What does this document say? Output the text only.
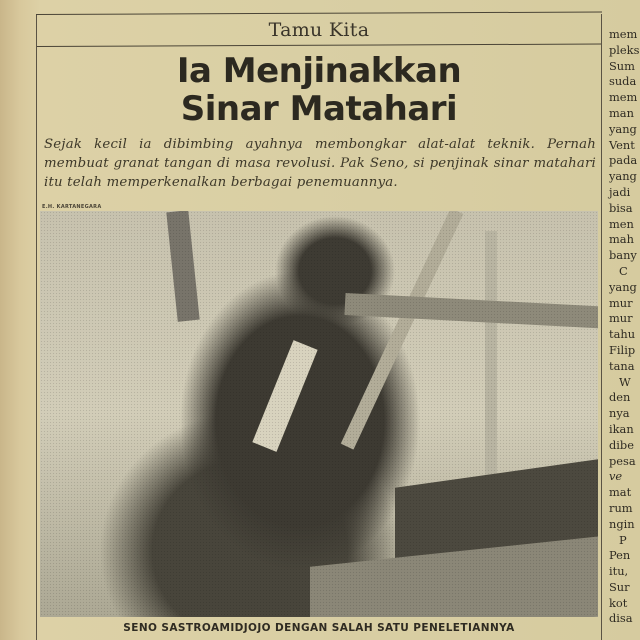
Tamu Kita
Ia Menjinakkan
Sinar Matahari
Sejak kecil ia dibimbing ayahnya membongkar alat-alat teknik. Pernah membuat granat tangan di masa revolusi. Pak Seno, si penjinak sinar matahari itu telah memperkenalkan berbagai penemuannya.
E.H. KARTANEGARA
SENO SASTROAMIDJOJO DENGAN SALAH SATU PENELETIANNYA
mem
pleks
Sum
suda
mem
man
yang
Vent
pada
yang
jadi
bisa
men
mah
bany
C
yang
mur
mur
tahu
Filip
tana
W
den
nya
ikan
dibe
pesa
ve
mat
rum
ngin
P
Pen
itu,
Sur
kot
disa
